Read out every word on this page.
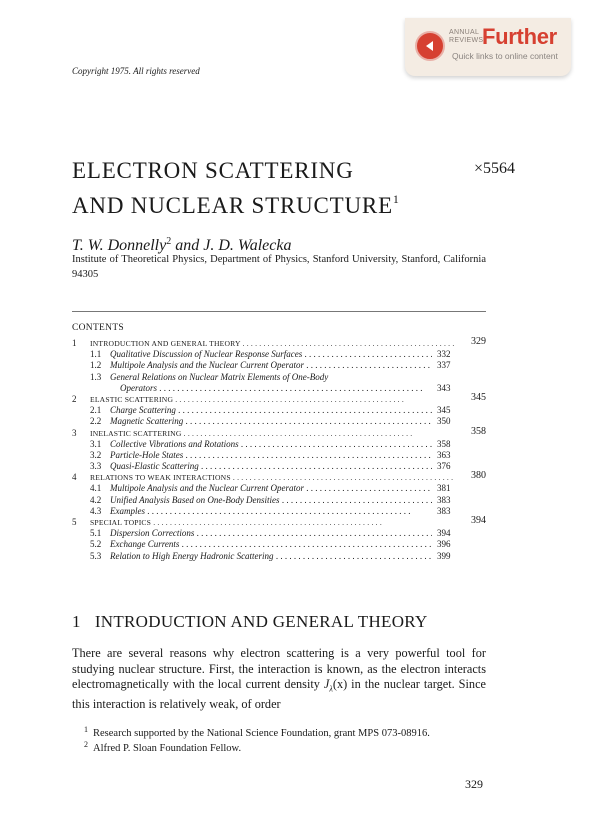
ANNUAL
REVIEWS
Further
Quick links to online content
Copyright 1975. All rights reserved
ELECTRON SCATTERING
AND NUCLEAR $STRUCTURE^1$
×5564
T. W. Donnelly$^2$ and J. D. Walecka
Institute of Theoretical Physics, Department of Physics, Stanford University, Stanford, California 94305
CONTENTS
1 INTRODUCTION AND GENERAL THEORY . . .	329
1.1 Qualitative Discussion of Nuclear Response Surfaces . . .	332
1.2 Multipole Analysis and the Nuclear Current Operator . . .	337
1.3 General Relations on Nuclear Matrix Elements of One-Body
Operators . . .	343
2 ELASTIC SCATTERING . . .	345
2.1 Charge Scattering . . .	345
2.2 Magnetic Scattering . . .	350
3 INELASTIC SCATTERING . . .	358
3.1 Collective Vibrations and Rotations . . .	358
3.2 Particle-Hole States . . .	363
3.3 Quasi-Elastic Scattering . . .	376
4 RELATIONS TO WEAK INTERACTIONS . . .	380
4.1 Multipole Analysis and the Nuclear Current Operator . . .	381
4.2 Unified Analysis Based on One-Body Densities . . .	383
4.3 Examples . . .	383
5 SPECIAL TOPICS . . .	394
5.1 Dispersion Corrections . . .	394
5.2 Exchange Currents . . .	396
5.3 Relation to High Energy Hadronic Scattering . . .	399
1 INTRODUCTION AND GENERAL THEORY
There are several reasons why electron scattering is a very powerful tool for studying nuclear structure. First, the interaction is known, as the electron interacts electromagnetically with the local current density $J_\lambda(x)$ in the nuclear target. Since this interaction is relatively weak, of order
$^1$ Research supported by the National Science Foundation, grant MPS 073-08916.
$^2$ Alfred P. Sloan Foundation Fellow.
329
